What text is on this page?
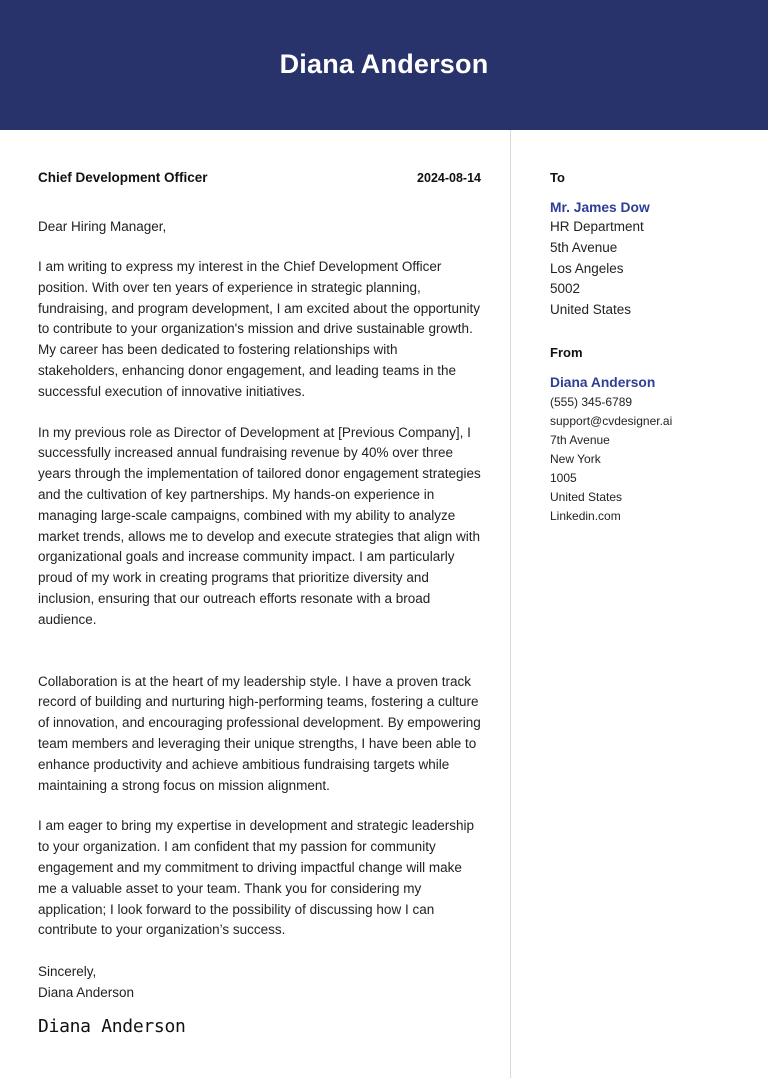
Diana Anderson
Chief Development Officer	2024-08-14
Dear Hiring Manager,

I am writing to express my interest in the Chief Development Officer position. With over ten years of experience in strategic planning, fundraising, and program development, I am excited about the opportunity to contribute to your organization's mission and drive sustainable growth. My career has been dedicated to fostering relationships with stakeholders, enhancing donor engagement, and leading teams in the successful execution of innovative initiatives.

In my previous role as Director of Development at [Previous Company], I successfully increased annual fundraising revenue by 40% over three years through the implementation of tailored donor engagement strategies and the cultivation of key partnerships. My hands-on experience in managing large-scale campaigns, combined with my ability to analyze market trends, allows me to develop and execute strategies that align with organizational goals and increase community impact. I am particularly proud of my work in creating programs that prioritize diversity and inclusion, ensuring that our outreach efforts resonate with a broad audience.

Collaboration is at the heart of my leadership style. I have a proven track record of building and nurturing high-performing teams, fostering a culture of innovation, and encouraging professional development. By empowering team members and leveraging their unique strengths, I have been able to enhance productivity and achieve ambitious fundraising targets while maintaining a strong focus on mission alignment.

I am eager to bring my expertise in development and strategic leadership to your organization. I am confident that my passion for community engagement and my commitment to driving impactful change will make me a valuable asset to your team. Thank you for considering my application; I look forward to the possibility of discussing how I can contribute to your organization’s success.

Sincerely,
Diana Anderson
Diana Anderson
To
Mr. James Dow
HR Department
5th Avenue
Los Angeles
5002
United States
From
Diana Anderson
(555) 345-6789
support@cvdesigner.ai
7th Avenue
New York
1005
United States
Linkedin.com
